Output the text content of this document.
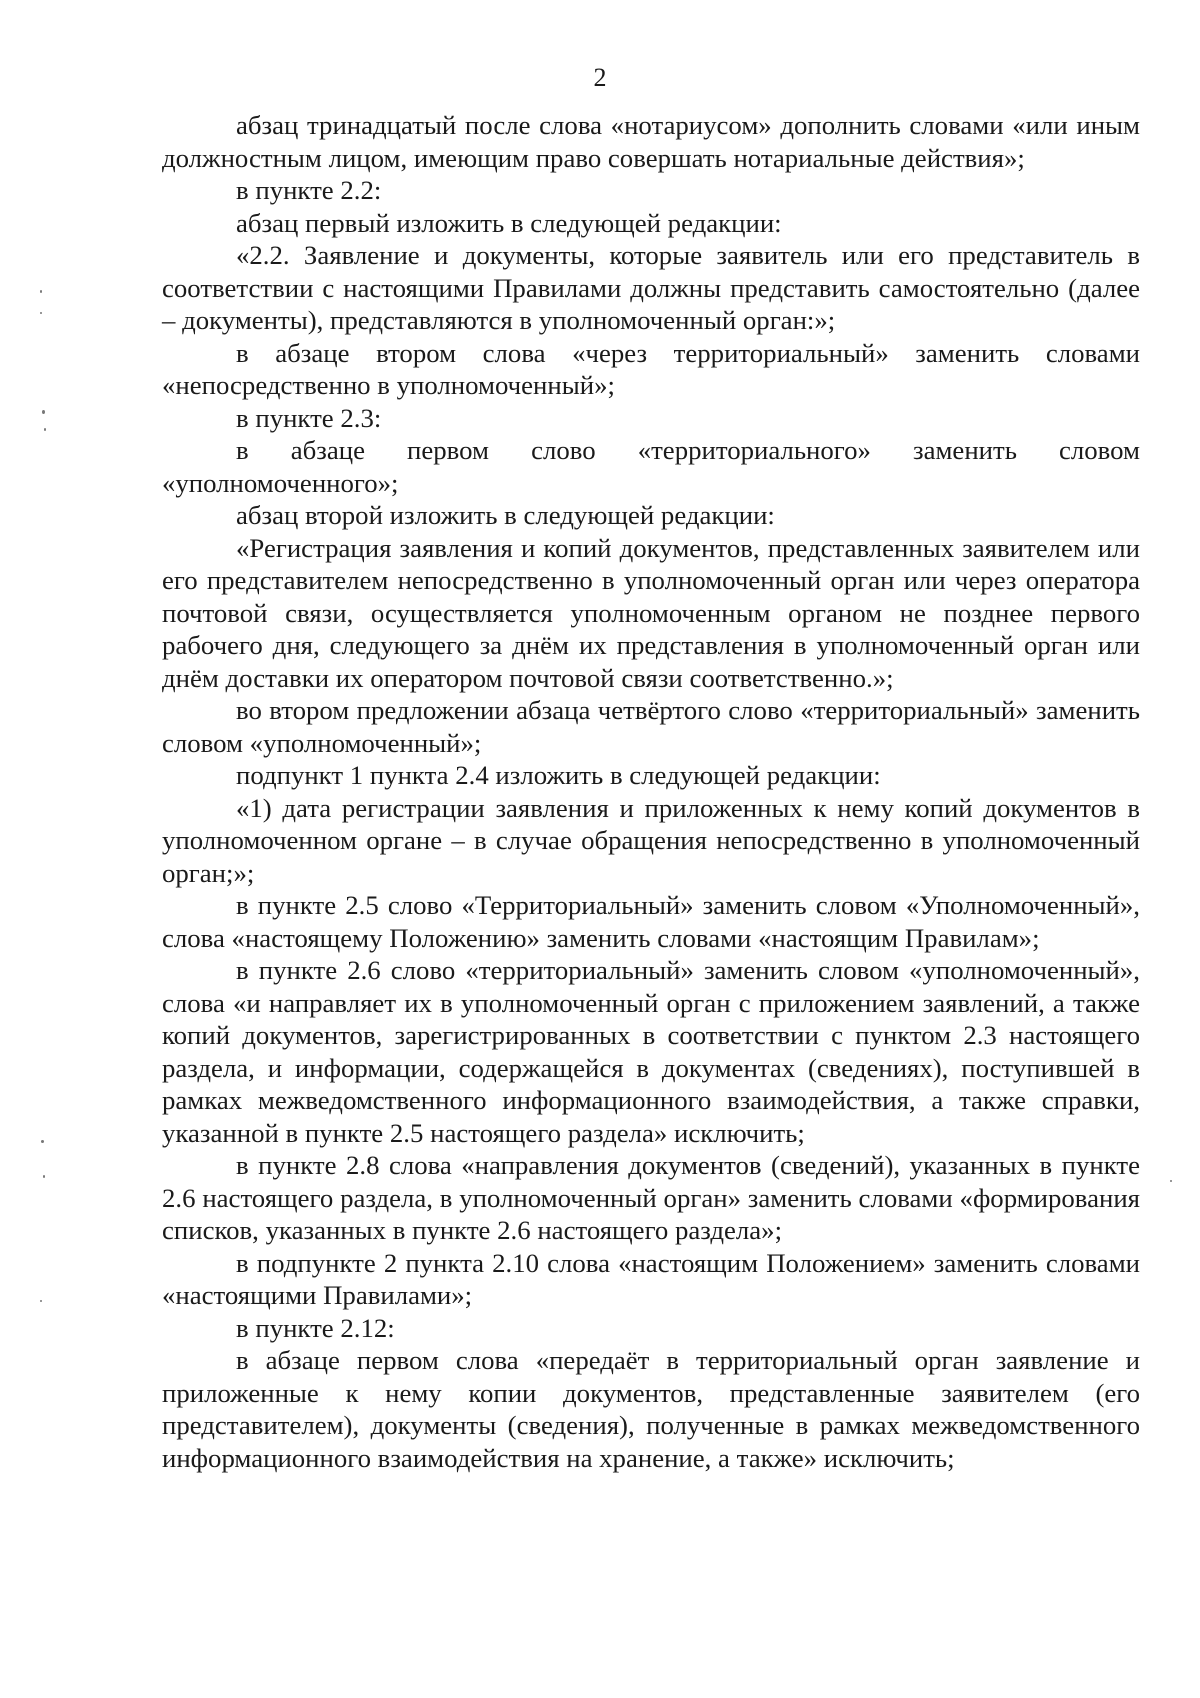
2

абзац тринадцатый после слова «нотариусом» дополнить словами «или иным должностным лицом, имеющим право совершать нотариальные действия»;

в пункте 2.2:

абзац первый изложить в следующей редакции:

«2.2. Заявление и документы, которые заявитель или его представитель в соответствии с настоящими Правилами должны представить самостоятельно (далее – документы), представляются в уполномоченный орган:»;

в абзаце втором слова «через территориальный» заменить словами «непосредственно в уполномоченный»;

в пункте 2.3:

в абзаце первом слово «территориального» заменить словом «уполномоченного»;

абзац второй изложить в следующей редакции:

«Регистрация заявления и копий документов, представленных заявителем или его представителем непосредственно в уполномоченный орган или через оператора почтовой связи, осуществляется уполномоченным органом не позднее первого рабочего дня, следующего за днём их представления в уполномоченный орган или днём доставки их оператором почтовой связи соответственно.»;

во втором предложении абзаца четвёртого слово «территориальный» заменить словом «уполномоченный»;

подпункт 1 пункта 2.4 изложить в следующей редакции:

«1) дата регистрации заявления и приложенных к нему копий документов в уполномоченном органе – в случае обращения непосредственно в уполномоченный орган;»;

в пункте 2.5 слово «Территориальный» заменить словом «Уполномоченный», слова «настоящему Положению» заменить словами «настоящим Правилам»;

в пункте 2.6 слово «территориальный» заменить словом «уполномоченный», слова «и направляет их в уполномоченный орган с приложением заявлений, а также копий документов, зарегистрированных в соответствии с пунктом 2.3 настоящего раздела, и информации, содержащейся в документах (сведениях), поступившей в рамках межведомственного информационного взаимодействия, а также справки, указанной в пункте 2.5 настоящего раздела» исключить;

в пункте 2.8 слова «направления документов (сведений), указанных в пункте 2.6 настоящего раздела, в уполномоченный орган» заменить словами «формирования списков, указанных в пункте 2.6 настоящего раздела»;

в подпункте 2 пункта 2.10 слова «настоящим Положением» заменить словами «настоящими Правилами»;

в пункте 2.12:

в абзаце первом слова «передаёт в территориальный орган заявление и приложенные к нему копии документов, представленные заявителем (его представителем), документы (сведения), полученные в рамках межведомственного информационного взаимодействия на хранение, а также» исключить;
